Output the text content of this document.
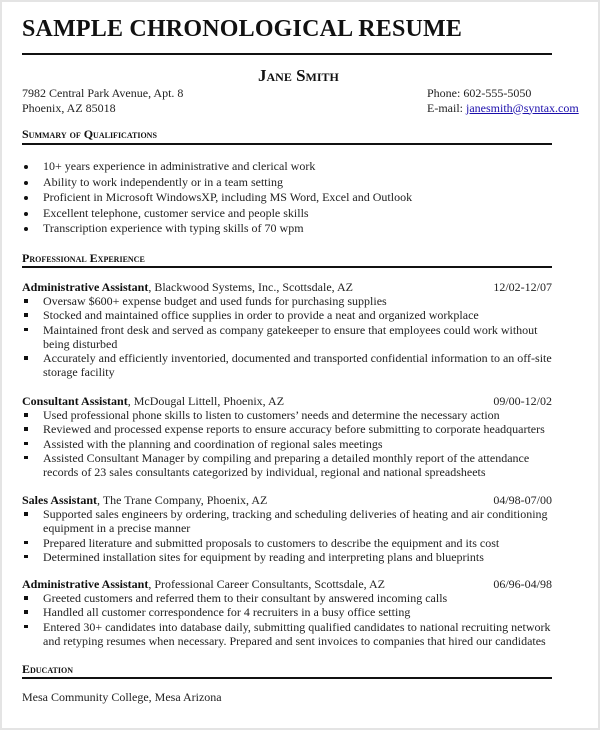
SAMPLE CHRONOLOGICAL RESUME
Jane Smith
7982 Central Park Avenue, Apt. 8
Phoenix, AZ 85018
Phone: 602-555-5050
E-mail: janesmith@syntax.com
Summary of Qualifications
10+ years experience in administrative and clerical work
Ability to work independently or in a team setting
Proficient in Microsoft WindowsXP, including MS Word, Excel and Outlook
Excellent telephone, customer service and people skills
Transcription experience with typing skills of 70 wpm
Professional Experience
Administrative Assistant, Blackwood Systems, Inc., Scottsdale, AZ	12/02-12/07
Oversaw $600+ expense budget and used funds for purchasing supplies
Stocked and maintained office supplies in order to provide a neat and organized workplace
Maintained front desk and served as company gatekeeper to ensure that employees could work without being disturbed
Accurately and efficiently inventoried, documented and transported confidential information to an off-site storage facility
Consultant Assistant, McDougal Littell, Phoenix, AZ	09/00-12/02
Used professional phone skills to listen to customers’ needs and determine the necessary action
Reviewed and processed expense reports to ensure accuracy before submitting to corporate headquarters
Assisted with the planning and coordination of regional sales meetings
Assisted Consultant Manager by compiling and preparing a detailed monthly report of the attendance records of 23 sales consultants categorized by individual, regional and national spreadsheets
Sales Assistant, The Trane Company, Phoenix, AZ	04/98-07/00
Supported sales engineers by ordering, tracking and scheduling deliveries of heating and air conditioning equipment in a precise manner
Prepared literature and submitted proposals to customers to describe the equipment and its cost
Determined installation sites for equipment by reading and interpreting plans and blueprints
Administrative Assistant, Professional Career Consultants, Scottsdale, AZ	06/96-04/98
Greeted customers and referred them to their consultant by answered incoming calls
Handled all customer correspondence for 4 recruiters in a busy office setting
Entered 30+ candidates into database daily, submitting qualified candidates to national recruiting network and retyping resumes when necessary. Prepared and sent invoices to companies that hired our candidates
Education
Mesa Community College, Mesa Arizona
